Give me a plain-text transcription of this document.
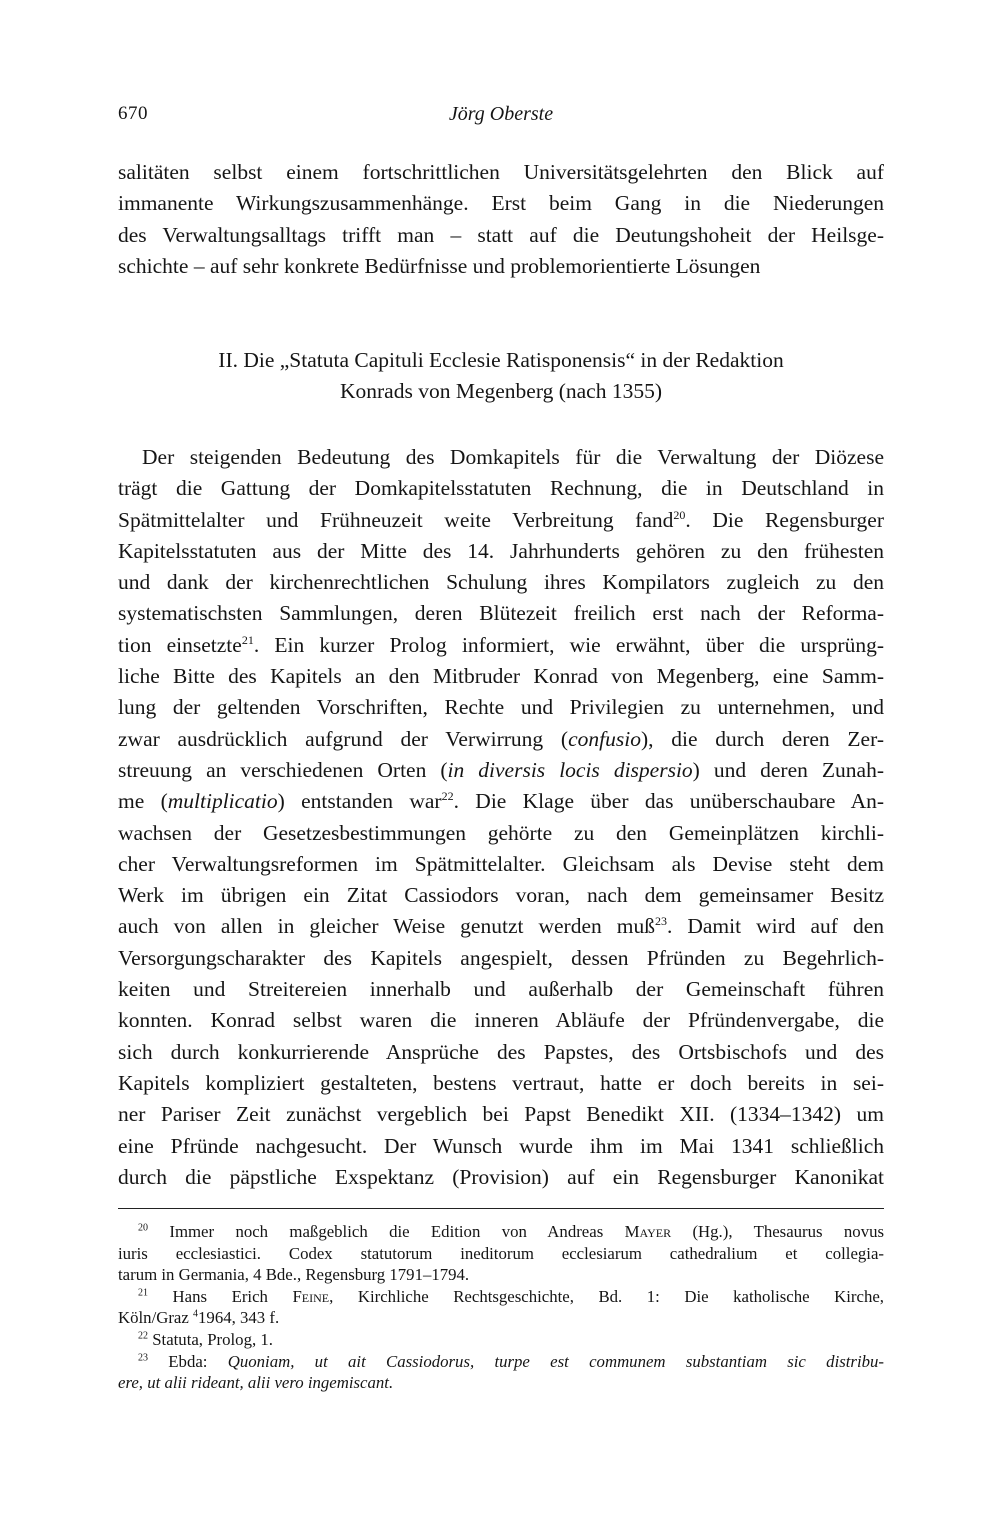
670	Jörg Oberste
salitäten selbst einem fortschrittlichen Universitätsgelehrten den Blick auf
immanente Wirkungszusammenhänge. Erst beim Gang in die Niederungen
des Verwaltungsalltags trifft man – statt auf die Deutungshoheit der Heilsge-
schichte – auf sehr konkrete Bedürfnisse und problemorientierte Lösungen
II. Die „Statuta Capituli Ecclesie Ratisponensis“ in der Redaktion
Konrads von Megenberg (nach 1355)
Der steigenden Bedeutung des Domkapitels für die Verwaltung der Diözese
trägt die Gattung der Domkapitelsstatuten Rechnung, die in Deutschland in
Spätmittelalter und Frühneuzeit weite Verbreitung fand$^{20}$. Die Regensburger
Kapitelsstatuten aus der Mitte des 14. Jahrhunderts gehören zu den frühesten
und dank der kirchenrechtlichen Schulung ihres Kompilators zugleich zu den
systematischsten Sammlungen, deren Blütezeit freilich erst nach der Reforma-
tion einsetzte$^{21}$. Ein kurzer Prolog informiert, wie erwähnt, über die ursprüng-
liche Bitte des Kapitels an den Mitbruder Konrad von Megenberg, eine Samm-
lung der geltenden Vorschriften, Rechte und Privilegien zu unternehmen, und
zwar ausdrücklich aufgrund der Verwirrung (confusio), die durch deren Zer-
streuung an verschiedenen Orten (in diversis locis dispersio) und deren Zunah-
me (multiplicatio) entstanden war$^{22}$. Die Klage über das unüberschaubare An-
wachsen der Gesetzesbestimmungen gehörte zu den Gemeinplätzen kirchli-
cher Verwaltungsreformen im Spätmittelalter. Gleichsam als Devise steht dem
Werk im übrigen ein Zitat Cassiodors voran, nach dem gemeinsamer Besitz
auch von allen in gleicher Weise genutzt werden muß$^{23}$. Damit wird auf den
Versorgungscharakter des Kapitels angespielt, dessen Pfründen zu Begehrlich-
keiten und Streitereien innerhalb und außerhalb der Gemeinschaft führen
konnten. Konrad selbst waren die inneren Abläufe der Pfründenvergabe, die
sich durch konkurrierende Ansprüche des Papstes, des Ortsbischofs und des
Kapitels kompliziert gestalteten, bestens vertraut, hatte er doch bereits in sei-
ner Pariser Zeit zunächst vergeblich bei Papst Benedikt XII. (1334–1342) um
eine Pfründe nachgesucht. Der Wunsch wurde ihm im Mai 1341 schließlich
durch die päpstliche Exspektanz (Provision) auf ein Regensburger Kanonikat
$^{20}$ Immer noch maßgeblich die Edition von Andreas Mayer (Hg.), Thesaurus novus
iuris ecclesiastici. Codex statutorum ineditorum ecclesiarum cathedralium et collegia-
tarum in Germania, 4 Bde., Regensburg 1791–1794.
$^{21}$ Hans Erich Feine, Kirchliche Rechtsgeschichte, Bd. 1: Die katholische Kirche,
Köln/Graz $^4$1964, 343 f.
$^{22}$ Statuta, Prolog, 1.
$^{23}$ Ebda: Quoniam, ut ait Cassiodorus, turpe est communem substantiam sic distribu-
ere, ut alii rideant, alii vero ingemiscant.
